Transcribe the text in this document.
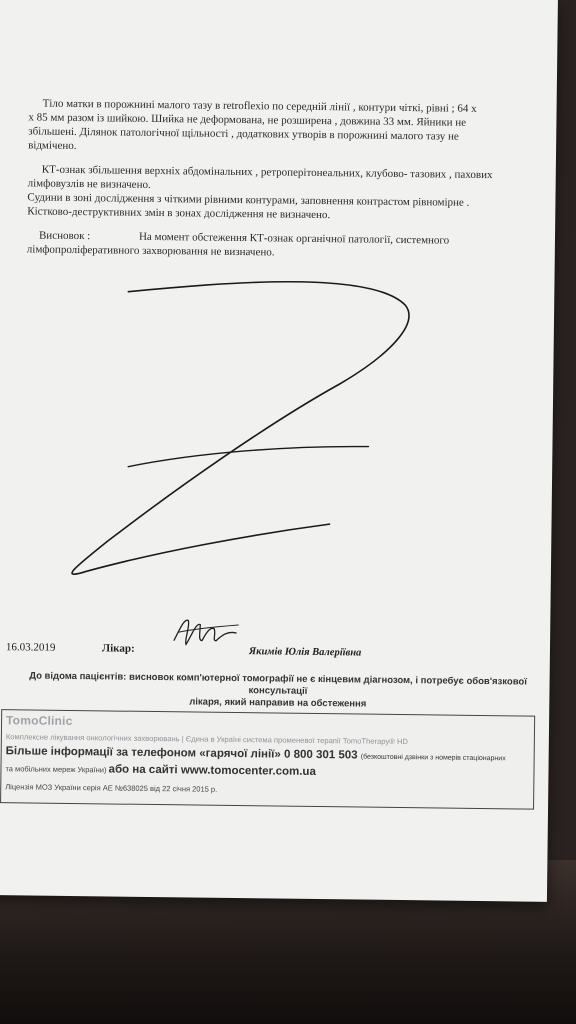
Тіло матки в порожнині малого тазу в retroflexio по середній лінії , контури чіткі, рівні ; 64 х
х 85 мм разом із шийкою. Шийка не деформована, не розширена , довжина 33 мм. Яйники не
збільшені. Ділянок патологічної щільності , додаткових утворів в порожнині малого тазу не
відмічено.

КТ-ознак збільшення верхніх абдомінальних , ретроперітонеальних, клубово- тазових , пахових
лімфовузлів не визначено.
Судини в зоні дослідження з чіткими рівними контурами, заповнення контрастом рівномірне .
Кістково-деструктивних змін в зонах дослідження не визначено.

Висновок :	На момент обстеження КТ-ознак органічної патології, системного
лімфопроліферативного захворювання не визначено.

16.03.2019	Лікар:	Якимів Юлія Валеріївна
До відома пацієнтів: висновок комп'ютерної томографії не є кінцевим діагнозом, і потребує обов'язкової консультації
лікаря, який направив на обстеження
TomoClinic
Комплексне лікування онкологічних захворювань | Єдина в Україні система променевої терапії TomoTherapy® HD
Більше інформації за телефоном «гарячої лінії» 0 800 301 503 (безкоштовні дзвінки з номерів стаціонарних
та мобільних мереж України) або на сайті www.tomocenter.com.ua
Ліцензія МОЗ України серія АЕ №638025 від 22 січня 2015 р.
